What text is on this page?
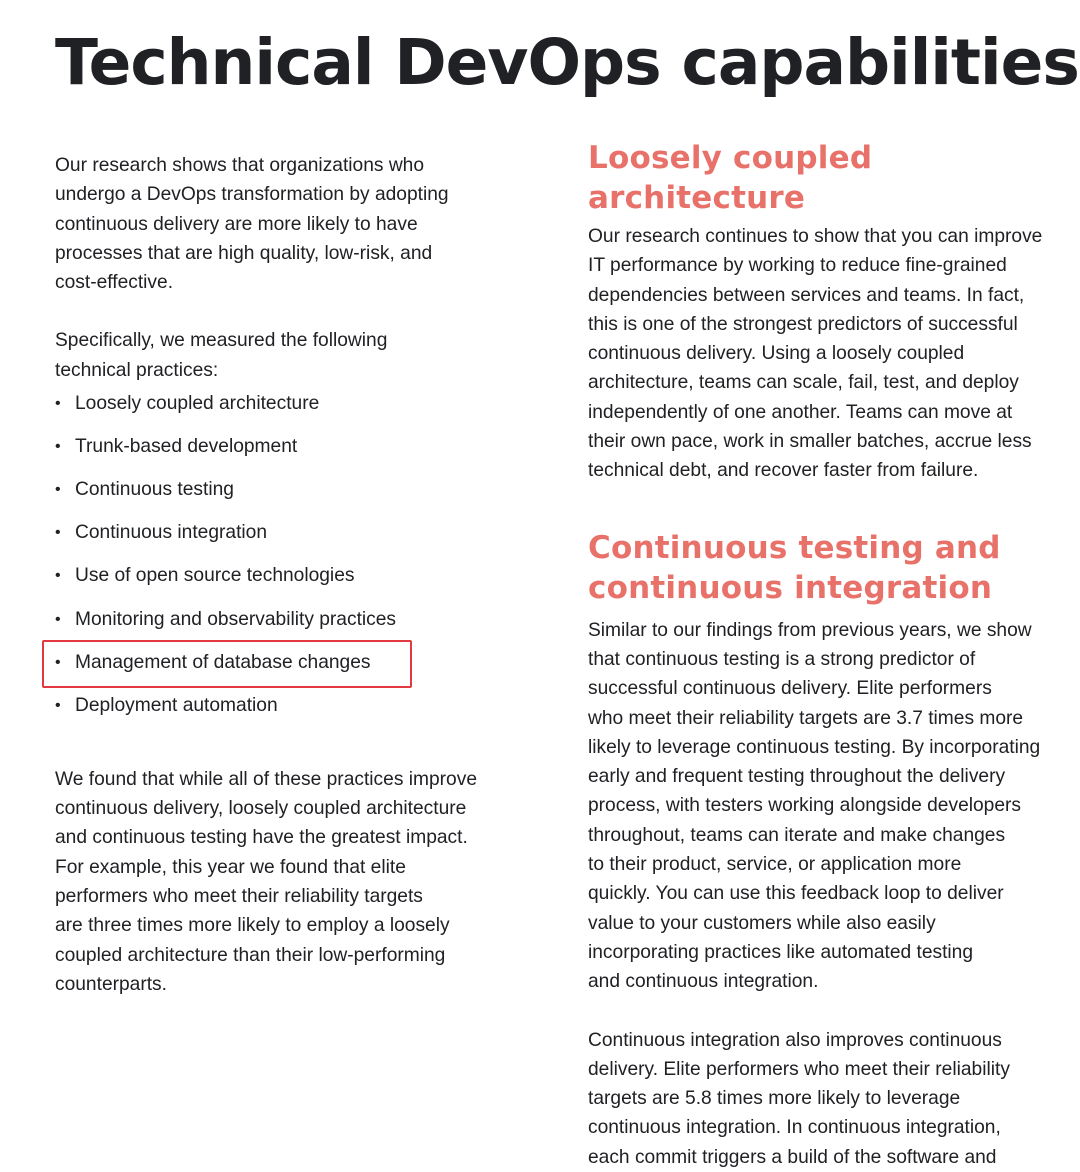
Technical DevOps capabilities

Our research shows that organizations who
undergo a DevOps transformation by adopting
continuous delivery are more likely to have
processes that are high quality, low-risk, and
cost-effective.

Specifically, we measured the following
technical practices:

• Loosely coupled architecture
• Trunk-based development
• Continuous testing
• Continuous integration
• Use of open source technologies
• Monitoring and observability practices
• Management of database changes
• Deployment automation

We found that while all of these practices improve
continuous delivery, loosely coupled architecture
and continuous testing have the greatest impact.
For example, this year we found that elite
performers who meet their reliability targets
are three times more likely to employ a loosely
coupled architecture than their low-performing
counterparts.

Loosely coupled architecture

Our research continues to show that you can improve
IT performance by working to reduce fine-grained
dependencies between services and teams. In fact,
this is one of the strongest predictors of successful
continuous delivery. Using a loosely coupled
architecture, teams can scale, fail, test, and deploy
independently of one another. Teams can move at
their own pace, work in smaller batches, accrue less
technical debt, and recover faster from failure.

Continuous testing and
continuous integration

Similar to our findings from previous years, we show
that continuous testing is a strong predictor of
successful continuous delivery. Elite performers
who meet their reliability targets are 3.7 times more
likely to leverage continuous testing. By incorporating
early and frequent testing throughout the delivery
process, with testers working alongside developers
throughout, teams can iterate and make changes
to their product, service, or application more
quickly. You can use this feedback loop to deliver
value to your customers while also easily
incorporating practices like automated testing
and continuous integration.

Continuous integration also improves continuous
delivery. Elite performers who meet their reliability
targets are 5.8 times more likely to leverage
continuous integration. In continuous integration,
each commit triggers a build of the software and
